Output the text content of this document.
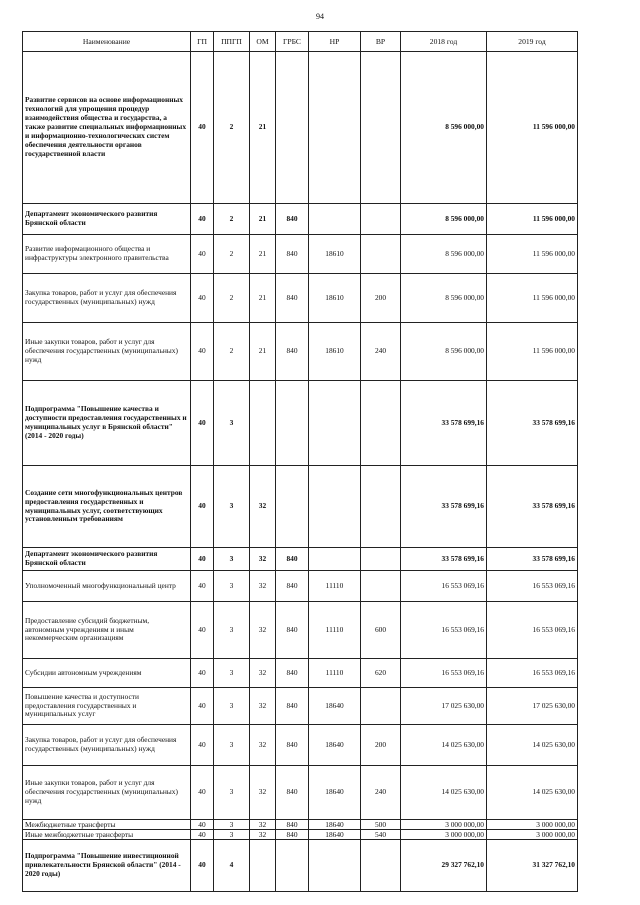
94
Наименование	ГП	ППГП	ОМ	ГРБС	НР	ВР	2018 год	2019 год
Развитие сервисов на основе информационных технологий для упрощения процедур взаимодействия общества и государства, а также развитие специальных информационных и информационно-технологических систем обеспечения деятельности органов государственной власти	40	2	21				8 596 000,00	11 596 000,00
Департамент экономического развития Брянской области	40	2	21	840			8 596 000,00	11 596 000,00
Развитие информационного общества и инфраструктуры электронного правительства	40	2	21	840	18610		8 596 000,00	11 596 000,00
Закупка товаров, работ и услуг для обеспечения государственных (муниципальных) нужд	40	2	21	840	18610	200	8 596 000,00	11 596 000,00
Иные закупки товаров, работ и услуг для обеспечения государственных (муниципальных) нужд	40	2	21	840	18610	240	8 596 000,00	11 596 000,00
Подпрограмма "Повышение качества и доступности предоставления государственных и муниципальных услуг в Брянской области" (2014 - 2020 годы)	40	3					33 578 699,16	33 578 699,16
Создание сети многофункциональных центров предоставления государственных и муниципальных услуг, соответствующих установленным требованиям	40	3	32				33 578 699,16	33 578 699,16
Департамент экономического развития Брянской области	40	3	32	840			33 578 699,16	33 578 699,16
Уполномоченный многофункциональный центр	40	3	32	840	11110		16 553 069,16	16 553 069,16
Предоставление субсидий бюджетным, автономным учреждениям и иным некоммерческим организациям	40	3	32	840	11110	600	16 553 069,16	16 553 069,16
Субсидии автономным учреждениям	40	3	32	840	11110	620	16 553 069,16	16 553 069,16
Повышение качества и доступности предоставления государственных и муниципальных услуг	40	3	32	840	18640		17 025 630,00	17 025 630,00
Закупка товаров, работ и услуг для обеспечения государственных (муниципальных) нужд	40	3	32	840	18640	200	14 025 630,00	14 025 630,00
Иные закупки товаров, работ и услуг для обеспечения государственных (муниципальных) нужд	40	3	32	840	18640	240	14 025 630,00	14 025 630,00
Межбюджетные трансферты	40	3	32	840	18640	500	3 000 000,00	3 000 000,00
Иные межбюджетные трансферты	40	3	32	840	18640	540	3 000 000,00	3 000 000,00
Подпрограмма "Повышение инвестиционной привлекательности Брянской области" (2014 - 2020 годы)	40	4					29 327 762,10	31 327 762,10
